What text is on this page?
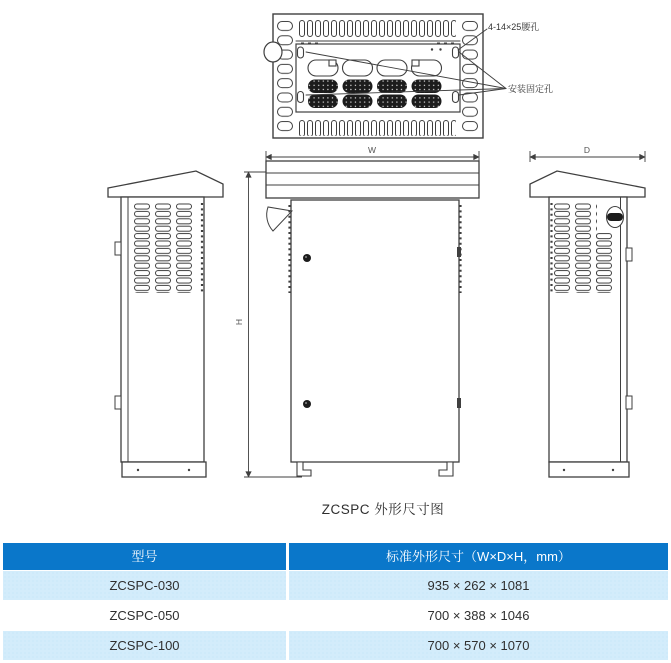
4-14×25腰孔
安装固定孔
H
W	D
ZCSPC 外形尺寸图
型号	标准外形尺寸（W×D×H，mm）
ZCSPC-030	935 × 262 × 1081
ZCSPC-050	700 × 388 × 1046
ZCSPC-100	700 × 570 × 1070
